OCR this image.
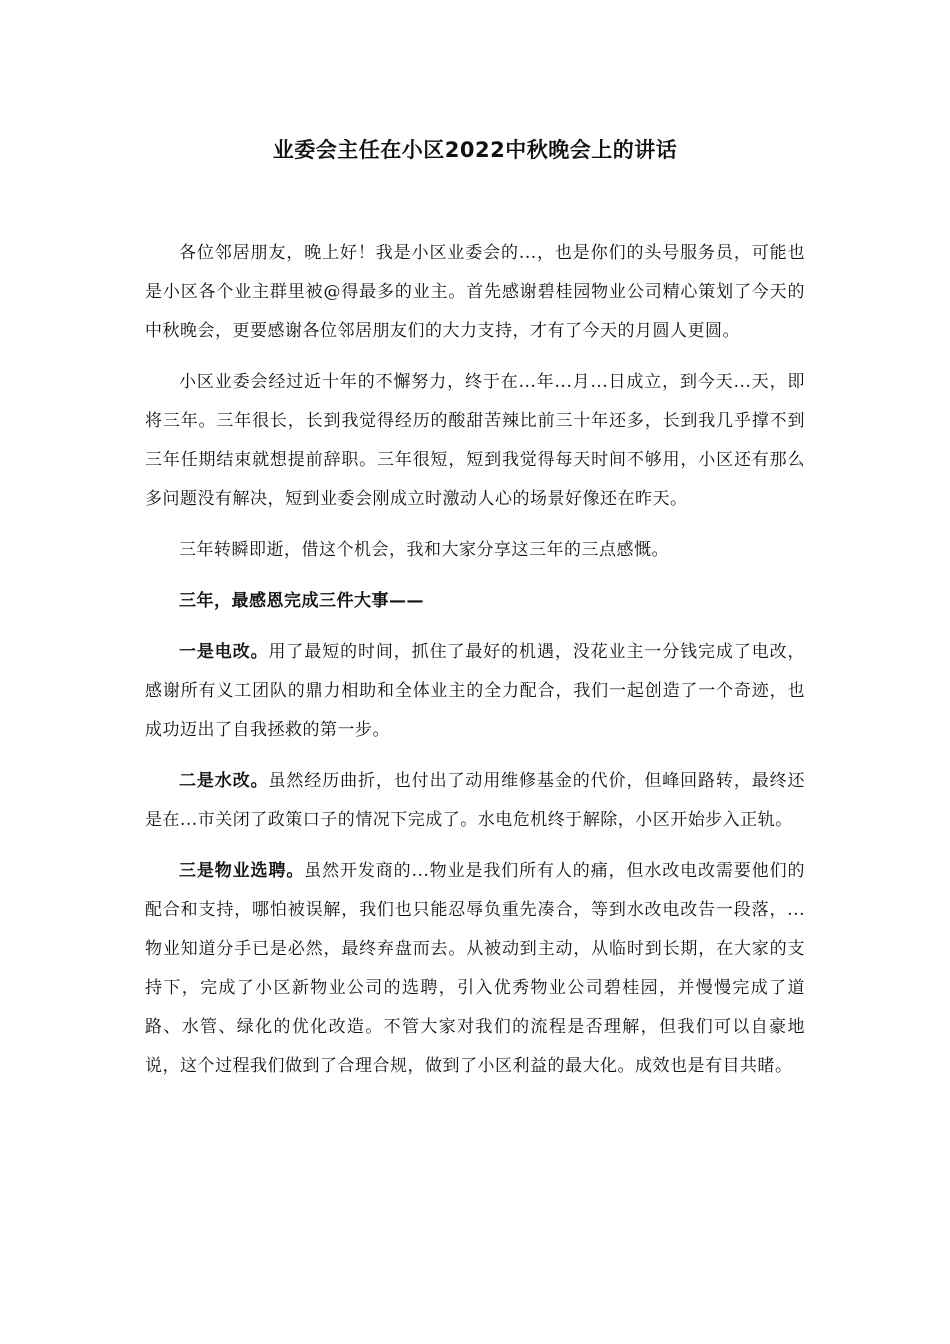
业委会主任在小区2022中秋晚会上的讲话

各位邻居朋友，晚上好！我是小区业委会的...，也是你们的头号服务员，可能也是小区各个业主群里被@得最多的业主。首先感谢碧桂园物业公司精心策划了今天的中秋晚会，更要感谢各位邻居朋友们的大力支持，才有了今天的月圆人更圆。

小区业委会经过近十年的不懈努力，终于在...年...月...日成立，到今天...天，即将三年。三年很长，长到我觉得经历的酸甜苦辣比前三十年还多，长到我几乎撑不到三年任期结束就想提前辞职。三年很短，短到我觉得每天时间不够用，小区还有那么多问题没有解决，短到业委会刚成立时激动人心的场景好像还在昨天。

三年转瞬即逝，借这个机会，我和大家分享这三年的三点感慨。

三年，最感恩完成三件大事——

一是电改。用了最短的时间，抓住了最好的机遇，没花业主一分钱完成了电改，感谢所有义工团队的鼎力相助和全体业主的全力配合，我们一起创造了一个奇迹，也成功迈出了自我拯救的第一步。

二是水改。虽然经历曲折，也付出了动用维修基金的代价，但峰回路转，最终还是在...市关闭了政策口子的情况下完成了。水电危机终于解除，小区开始步入正轨。

三是物业选聘。虽然开发商的...物业是我们所有人的痛，但水改电改需要他们的配合和支持，哪怕被误解，我们也只能忍辱负重先凑合，等到水改电改告一段落，...物业知道分手已是必然，最终弃盘而去。从被动到主动，从临时到长期，在大家的支持下，完成了小区新物业公司的选聘，引入优秀物业公司碧桂园，并慢慢完成了道路、水管、绿化的优化改造。不管大家对我们的流程是否理解，但我们可以自豪地说，这个过程我们做到了合理合规，做到了小区利益的最大化。成效也是有目共睹。
